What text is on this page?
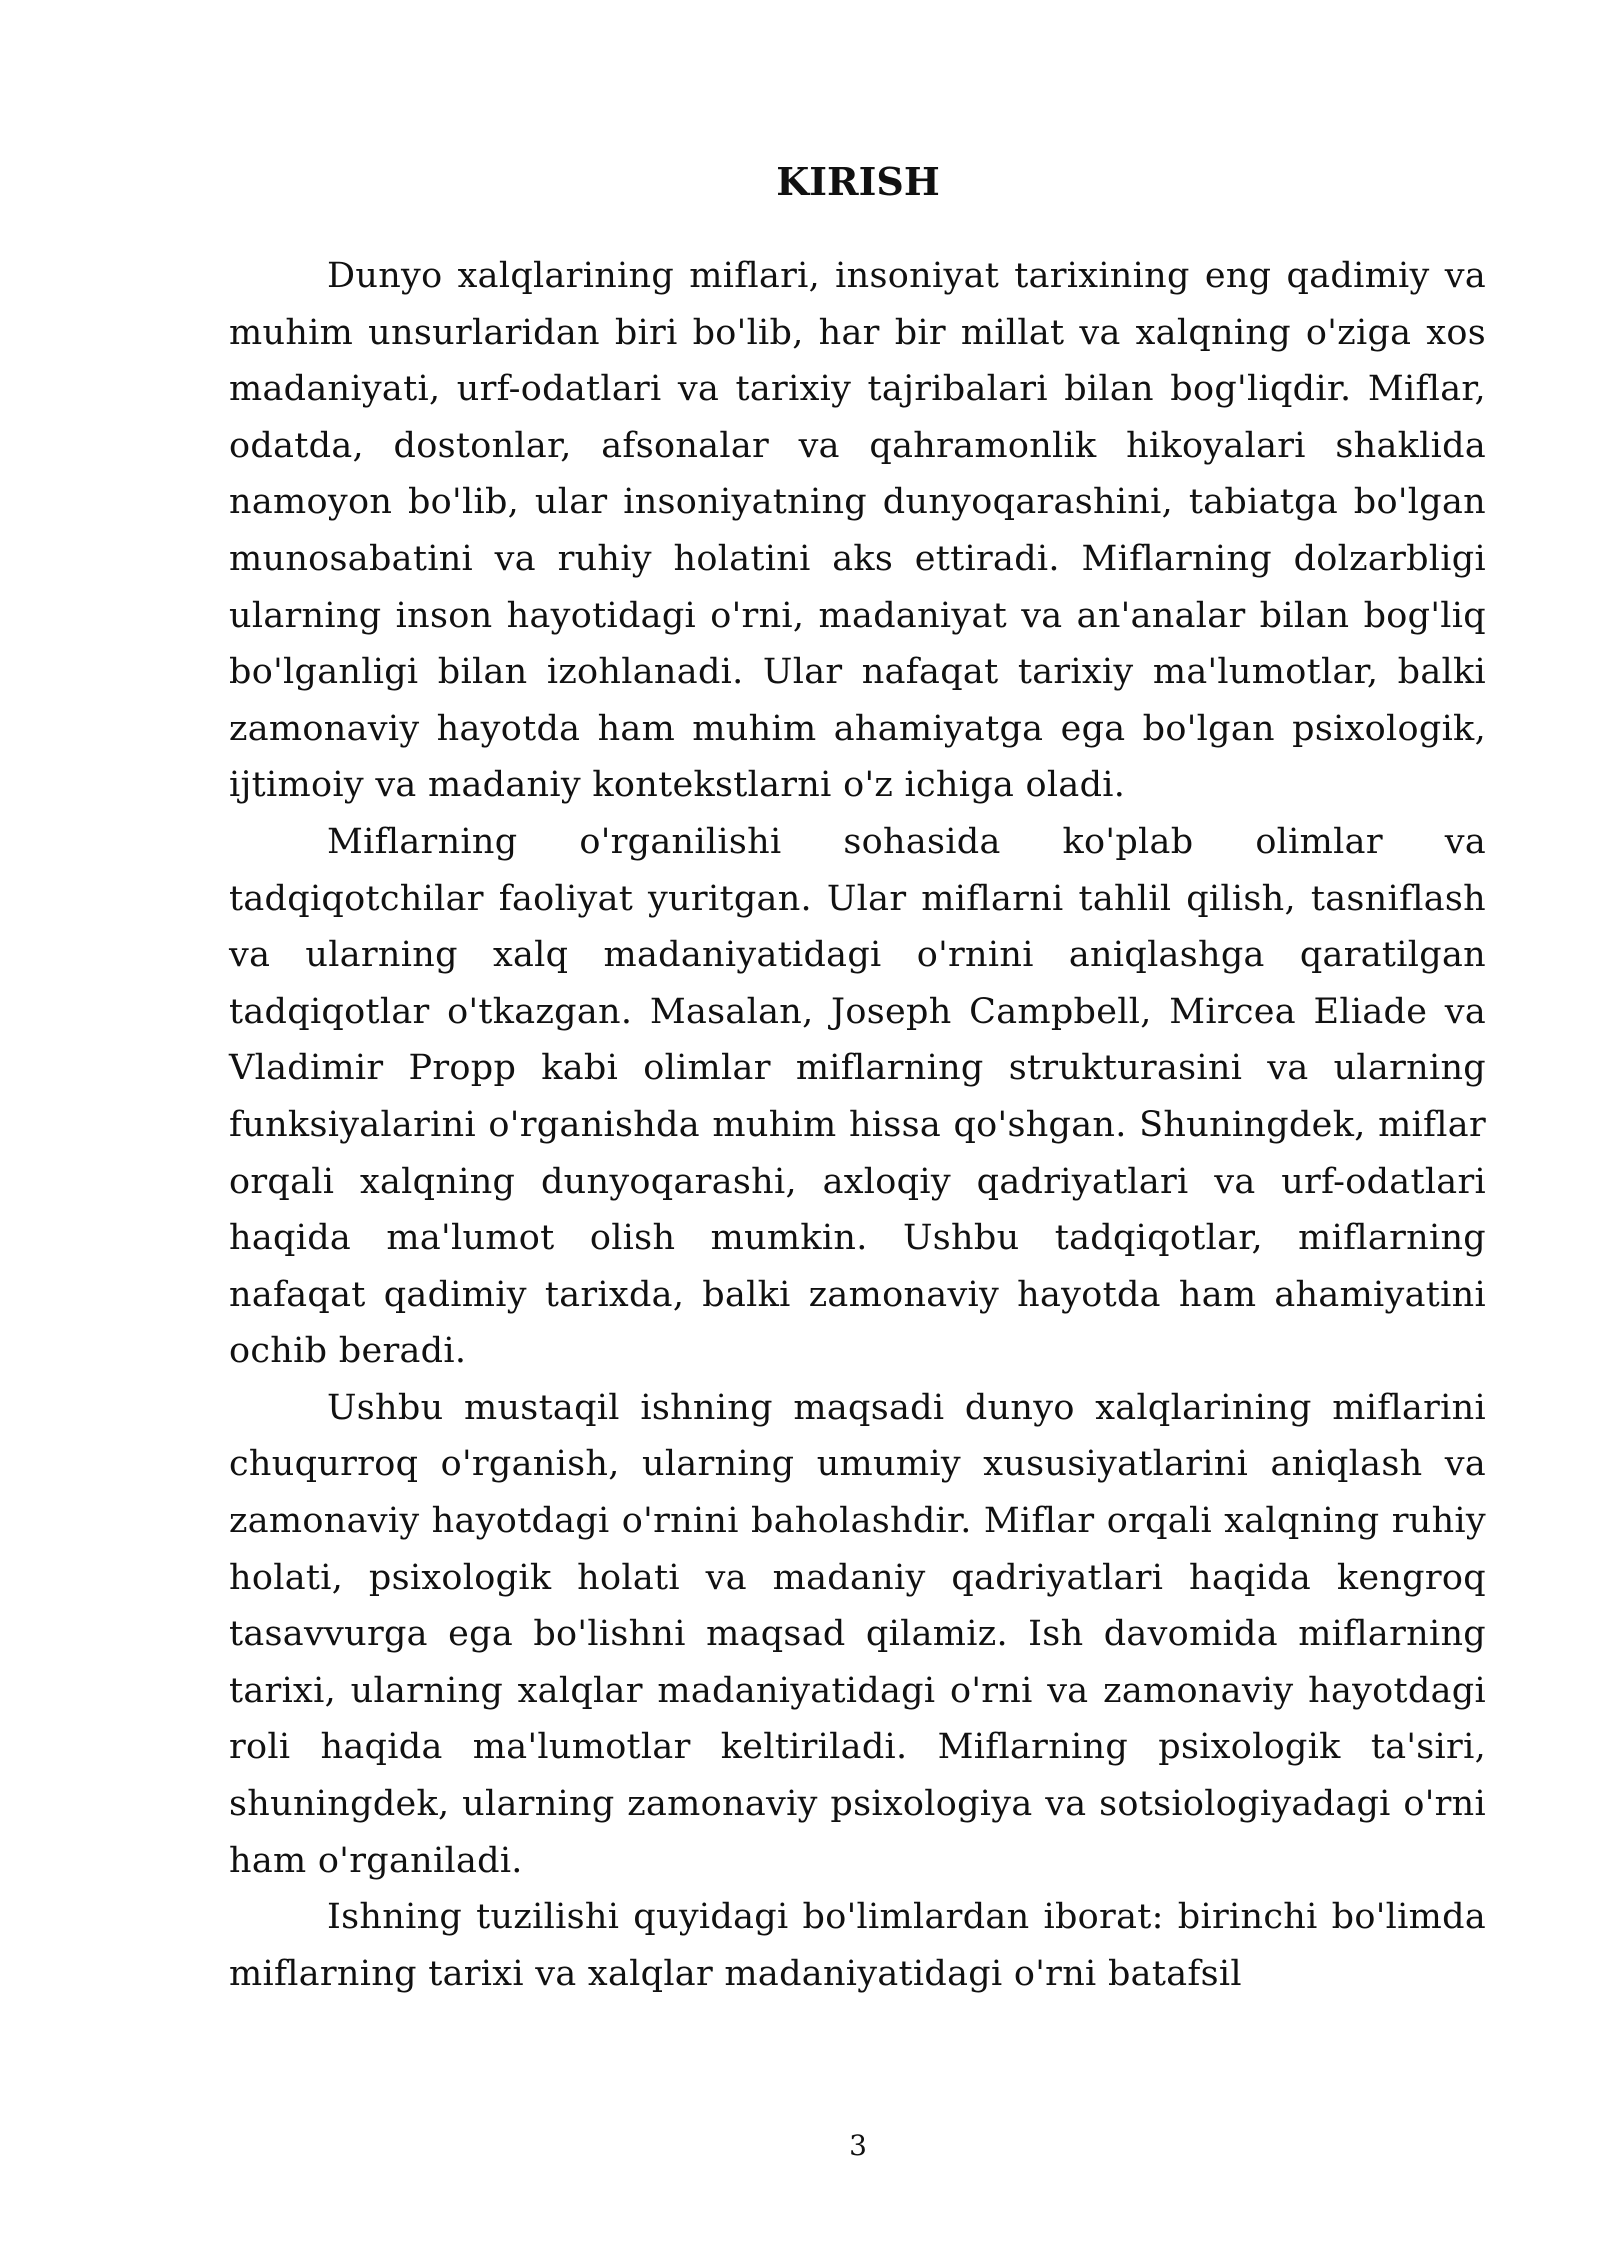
KIRISH

Dunyo xalqlarining miflari, insoniyat tarixining eng qadimiy va muhim unsurlaridan biri bo'lib, har bir millat va xalqning o'ziga xos madaniyati, urf-odatlari va tarixiy tajribalari bilan bog'liqdir. Miflar, odatda, dostonlar, afsonalar va qahramonlik hikoyalari shaklida namoyon bo'lib, ular insoniyatning dunyoqarashini, tabiatga bo'lgan munosabatini va ruhiy holatini aks ettiradi. Miflarning dolzarbligi ularning inson hayotidagi o'rni, madaniyat va an'analar bilan bog'liq bo'lganligi bilan izohlanadi. Ular nafaqat tarixiy ma'lumotlar, balki zamonaviy hayotda ham muhim ahamiyatga ega bo'lgan psixologik, ijtimoiy va madaniy kontekstlarni o'z ichiga oladi.

Miflarning o'rganilishi sohasida ko'plab olimlar va tadqiqotchilar faoliyat yuritgan. Ular miflarni tahlil qilish, tasniflash va ularning xalq madaniyatidagi o'rnini aniqlashga qaratilgan tadqiqotlar o'tkazgan. Masalan, Joseph Campbell, Mircea Eliade va Vladimir Propp kabi olimlar miflarning strukturasini va ularning funksiyalarini o'rganishda muhim hissa qo'shgan. Shuningdek, miflar orqali xalqning dunyoqarashi, axloqiy qadriyatlari va urf-odatlari haqida ma'lumot olish mumkin. Ushbu tadqiqotlar, miflarning nafaqat qadimiy tarixda, balki zamonaviy hayotda ham ahamiyatini ochib beradi.

Ushbu mustaqil ishning maqsadi dunyo xalqlarining miflarini chuqurroq o'rganish, ularning umumiy xususiyatlarini aniqlash va zamonaviy hayotdagi o'rnini baholashdir. Miflar orqali xalqning ruhiy holati, psixologik holati va madaniy qadriyatlari haqida kengroq tasavvurga ega bo'lishni maqsad qilamiz. Ish davomida miflarning tarixi, ularning xalqlar madaniyatidagi o'rni va zamonaviy hayotdagi roli haqida ma'lumotlar keltiriladi. Miflarning psixologik ta'siri, shuningdek, ularning zamonaviy psixologiya va sotsiologiyadagi o'rni ham o'rganiladi.

Ishning tuzilishi quyidagi bo'limlardan iborat: birinchi bo'limda miflarning tarixi va xalqlar madaniyatidagi o'rni batafsil

3
